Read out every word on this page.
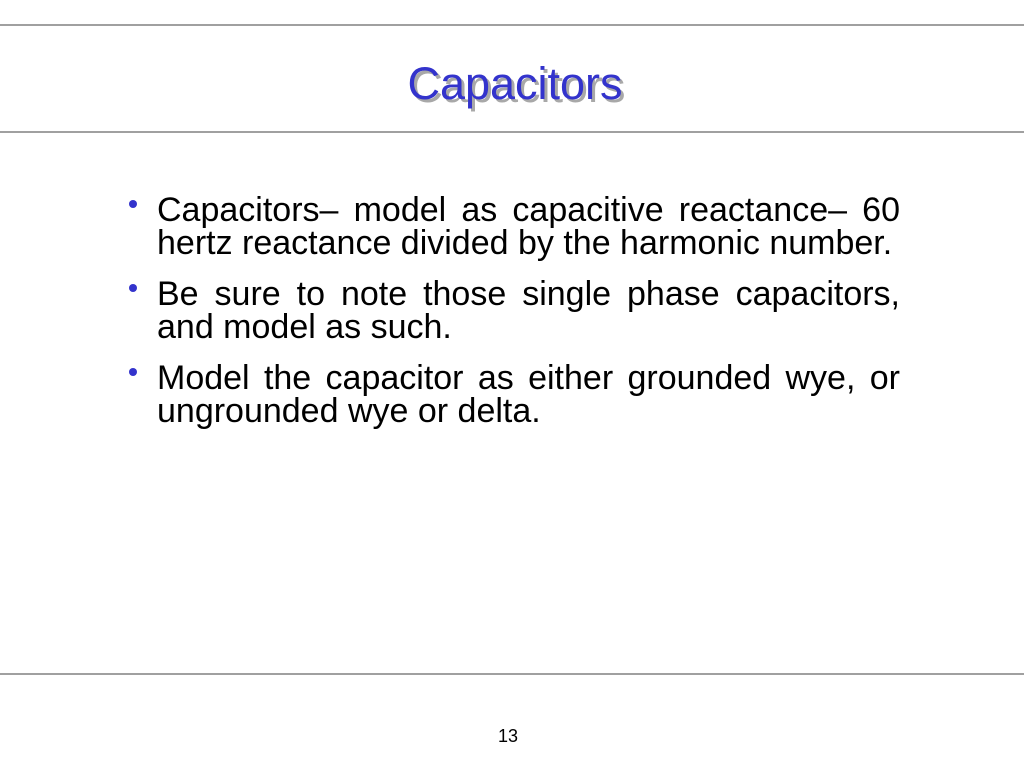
Capacitors
Capacitors– model as capacitive reactance– 60
hertz reactance divided by the harmonic number.
Be sure to note those single phase capacitors,
and model as such.
Model the capacitor as either grounded wye, or
ungrounded wye or delta.
13
